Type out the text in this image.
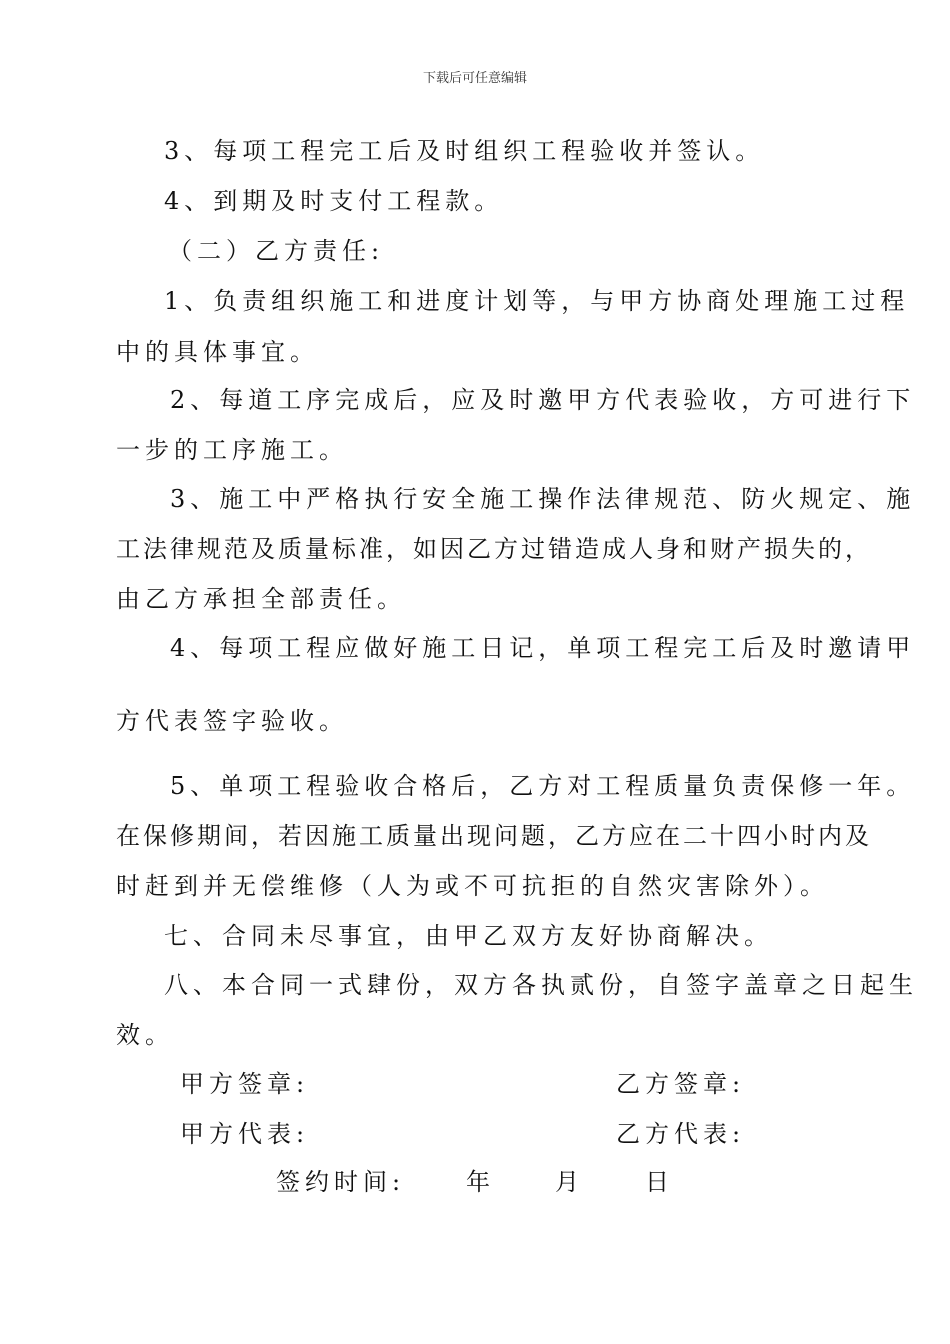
下载后可任意编辑
3、每项工程完工后及时组织工程验收并签认。
4、到期及时支付工程款。
（二）乙方责任:
1、负责组织施工和进度计划等，与甲方协商处理施工过程
中的具体事宜。
2、每道工序完成后，应及时邀甲方代表验收，方可进行下
一步的工序施工。
3、施工中严格执行安全施工操作法律规范、防火规定、施
工法律规范及质量标准，如因乙方过错造成人身和财产损失的，
由乙方承担全部责任。
4、每项工程应做好施工日记，单项工程完工后及时邀请甲
方代表签字验收。
5、单项工程验收合格后，乙方对工程质量负责保修一年。
在保修期间，若因施工质量出现问题，乙方应在二十四小时内及
时赶到并无偿维修（人为或不可抗拒的自然灾害除外）。
七、合同未尽事宜，由甲乙双方友好协商解决。
八、本合同一式肆份，双方各执贰份，自签字盖章之日起生
效。
甲方签章:	乙方签章:
甲方代表:	乙方代表:
签约时间:	年	月	日
